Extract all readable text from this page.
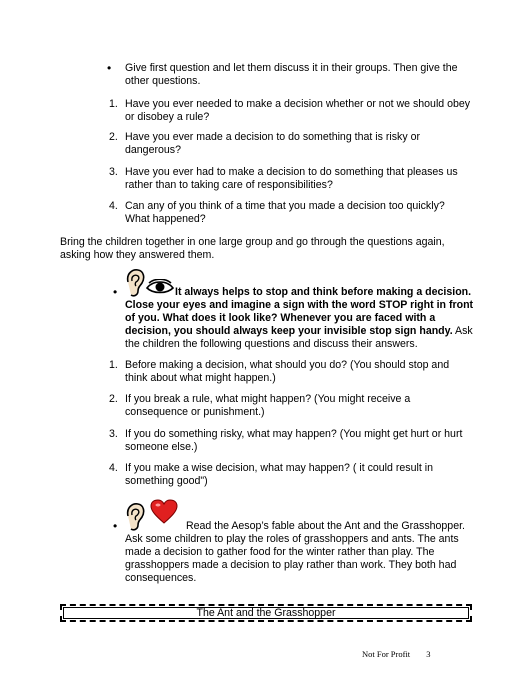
• Give first question and let them discuss it in their groups. Then give the other questions.
1. Have you ever needed to make a decision whether or not we should obey
or disobey a rule?
2. Have you ever made a decision to do something that is risky or
dangerous?
3. Have you ever had to make a decision to do something that pleases us
rather than to taking care of responsibilities?
4. Can any of you think of a time that you made a decision too quickly?
What happened?
Bring the children together in one large group and go through the questions again,
asking how they answered them.
•	It always helps to stop and think before making a decision.
Close your eyes and imagine a sign with the word STOP right in front
of you. What does it look like? Whenever you are faced with a
decision, you should always keep your invisible stop sign handy. Ask
the children the following questions and discuss their answers.
1. Before making a decision, what should you do? (You should stop and
think about what might happen.)
2. If you break a rule, what might happen? (You might receive a
consequence or punishment.)
3. If you do something risky, what may happen? (You might get hurt or hurt
someone else.)
4. If you make a wise decision, what may happen? ( it could result in
something good")
•	Read the Aesop’s fable about the Ant and the Grasshopper.
Ask some children to play the roles of grasshoppers and ants. The ants
made a decision to gather food for the winter rather than play. The
grasshoppers made a decision to play rather than work. They both had
consequences.
The Ant and the Grasshopper
Not For Profit 3
